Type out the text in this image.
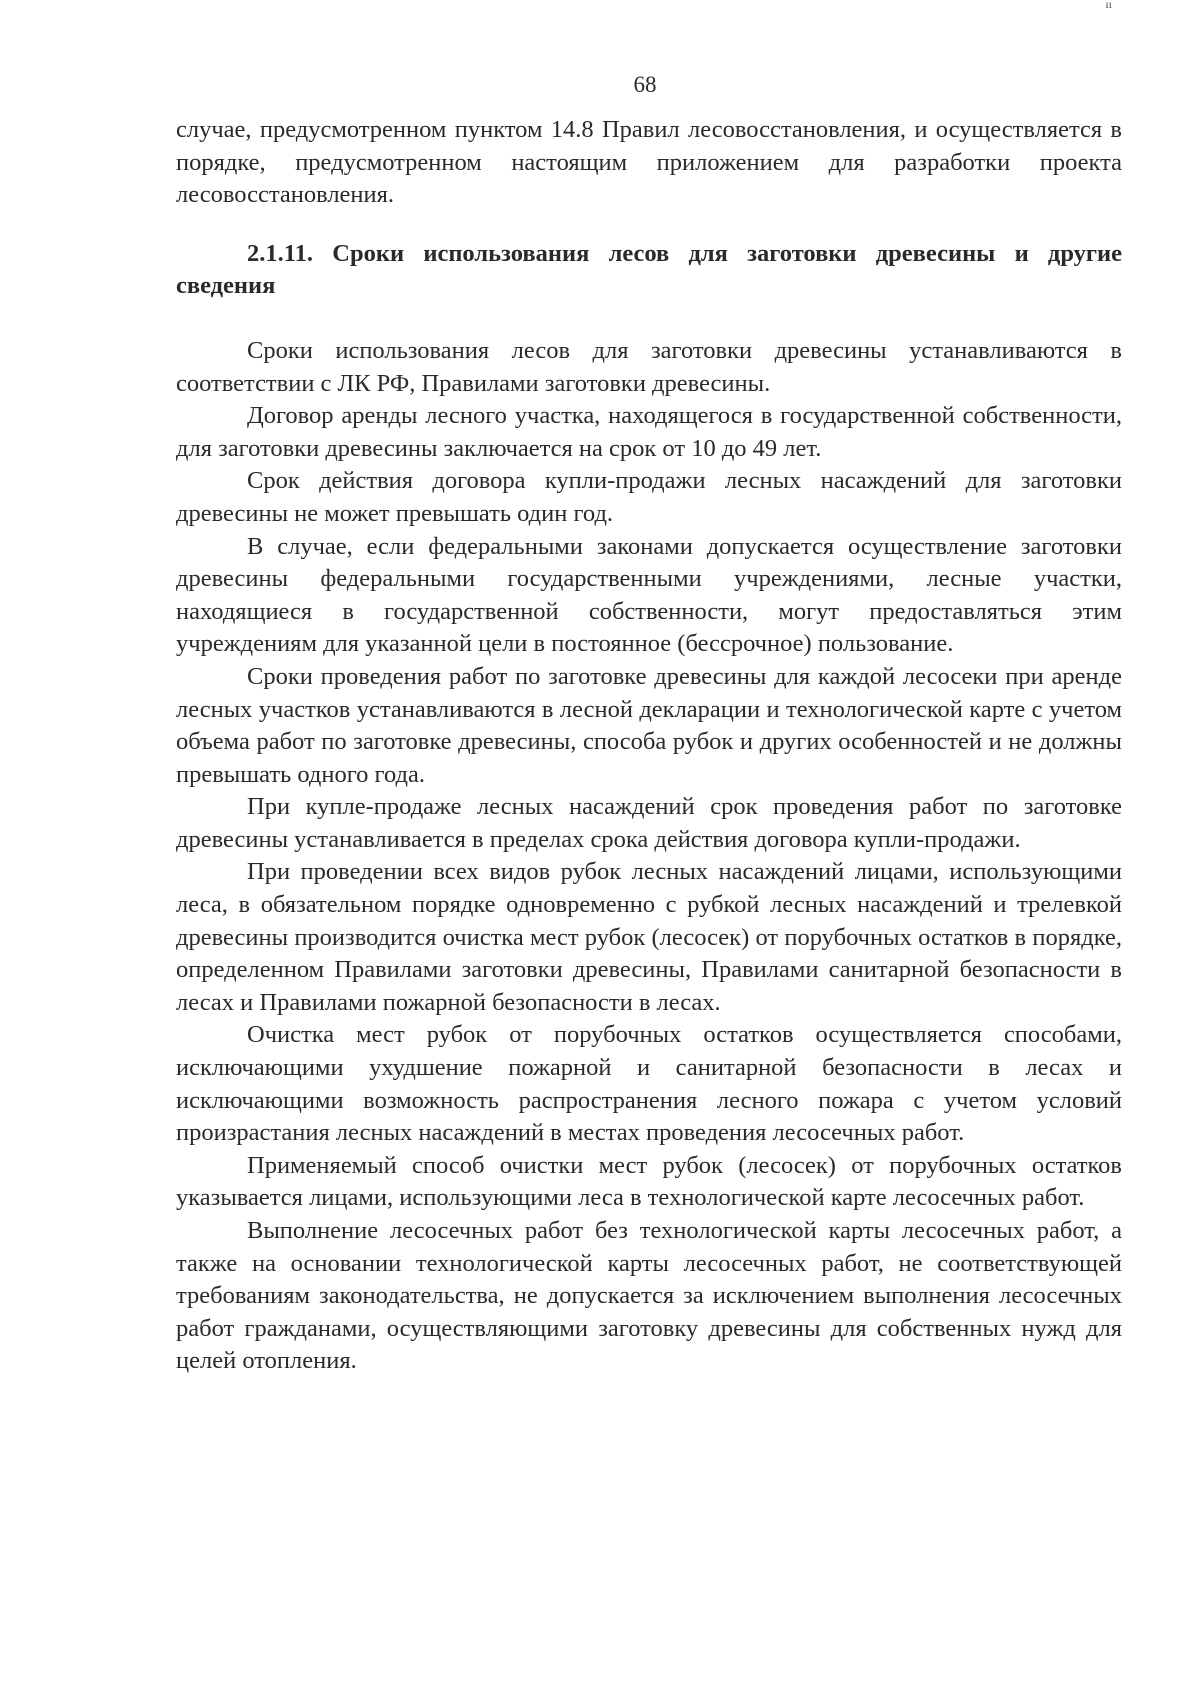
ıı
68

случае, предусмотренном пунктом 14.8 Правил лесовосстановления, и осуществляется в порядке, предусмотренном настоящим приложением для разработки проекта лесовосстановления.

2.1.11. Сроки использования лесов для заготовки древесины и другие сведения

Сроки использования лесов для заготовки древесины устанавливаются в соответствии с ЛК РФ, Правилами заготовки древесины.

Договор аренды лесного участка, находящегося в государственной собственности, для заготовки древесины заключается на срок от 10 до 49 лет.

Срок действия договора купли-продажи лесных насаждений для заготовки древесины не может превышать один год.

В случае, если федеральными законами допускается осуществление заготовки древесины федеральными государственными учреждениями, лесные участки, находящиеся в государственной собственности, могут предоставляться этим учреждениям для указанной цели в постоянное (бессрочное) пользование.

Сроки проведения работ по заготовке древесины для каждой лесосеки при аренде лесных участков устанавливаются в лесной декларации и технологической карте с учетом объема работ по заготовке древесины, способа рубок и других особенностей и не должны превышать одного года.

При купле-продаже лесных насаждений срок проведения работ по заготовке древесины устанавливается в пределах срока действия договора купли-продажи.

При проведении всех видов рубок лесных насаждений лицами, использующими леса, в обязательном порядке одновременно с рубкой лесных насаждений и трелевкой древесины производится очистка мест рубок (лесосек) от порубочных остатков в порядке, определенном Правилами заготовки древесины, Правилами санитарной безопасности в лесах и Правилами пожарной безопасности в лесах.

Очистка мест рубок от порубочных остатков осуществляется способами, исключающими ухудшение пожарной и санитарной безопасности в лесах и исключающими возможность распространения лесного пожара с учетом условий произрастания лесных насаждений в местах проведения лесосечных работ.

Применяемый способ очистки мест рубок (лесосек) от порубочных остатков указывается лицами, использующими леса в технологической карте лесосечных работ.

Выполнение лесосечных работ без технологической карты лесосечных работ, а также на основании технологической карты лесосечных работ, не соответствующей требованиям законодательства, не допускается за исключением выполнения лесосечных работ гражданами, осуществляющими заготовку древесины для собственных нужд для целей отопления.
